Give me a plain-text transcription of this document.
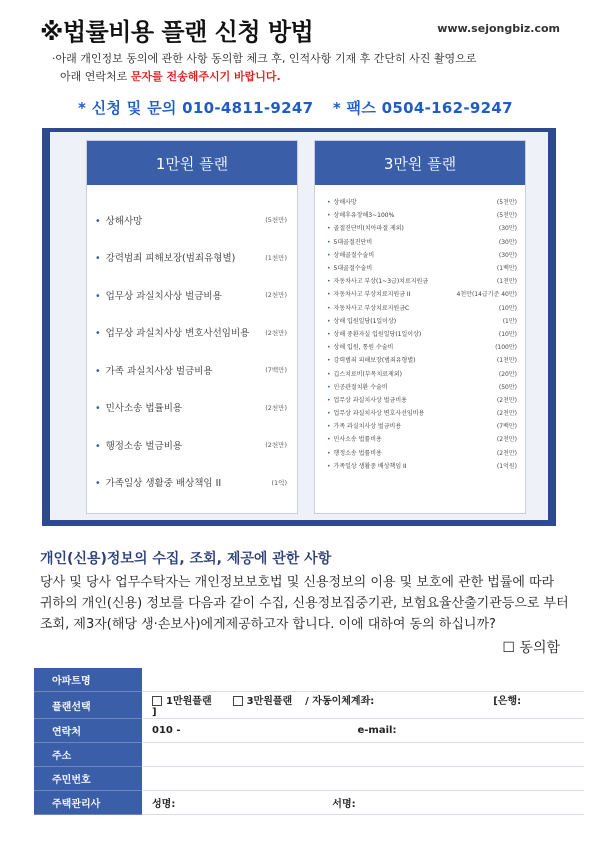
※법률비용 플랜 신청 방법	www.sejongbiz.com
·아래 개인정보 동의에 관한 사항 동의함 체크 후, 인적사항 기재 후 간단히 사진 촬영으로
아래 연락처로 문자를 전송해주시기 바랍니다.
* 신청 및 문의 010-4811-9247 * 팩스 0504-162-9247
1만원 플랜
• 상해사망	(5천만)
• 강력범죄 피해보장(범죄유형별)	(1천만)
• 업무상 과실치사상 벌금비용	(2천만)
• 업무상 과실치사상 변호사선임비용 (2천만)
• 가족 과실치사상 벌금비용	(7백만)
• 민사소송 법률비용	(2천만)
• 행정소송 벌금비용	(2천만)
• 가족일상 생활중 배상책임 II	(1억)
3만원 플랜
• 상해사망	(5천만)
• 상해후유장해3~100%	(5천만)
• 골절진단비(치아파절 제외)	(30만)
• 5대골절진단비	(30만)
• 상해골절수술비	(30만)
• 5대골절수술비	(1백만)
• 자동차사고 부상(1~3급)치료지원금	(1천만)
• 자동차사고 부상치료지원금 II	4천만(14급기준 40만)
• 자동차사고 부상치료지원금C	(10만)
• 상해 입원일당(1일이상)	(1만)
• 상해 중환자실 입원일당(1일이상)	(10만)
• 상해 입원, 통원 수술비	(100만)
• 강력범죄 피해보장(범죄유형별)	(1천만)
• 깁스치료비(부목치료제외)	(20만)
• 인공관절치환 수술비	(50만)
• 업무상 과실치사상 벌금비용	(2천만)
• 업무상 과실치사상 변호사선임비용	(2천만)
• 가족 과실치사상 벌금비용	(7백만)
• 민사소송 법률비용	(2천만)
• 행정소송 법률비용	(2천만)
• 가족일상 생활중 배상책임 II	(1억원)
개인(신용)정보의 수집, 조회, 제공에 관한 사항
당사 및 당사 업무수탁자는 개인정보보호법 및 신용정보의 이용 및 보호에 관한 법률에 따라 귀하의 개인(신용) 정보를 다음과 같이 수집, 신용정보집중기관, 보험요율산출기관등으로 부터 조회, 제3자(해당 생·손보사)에게제공하고자 합니다. 이에 대하여 동의 하십니까?
☐ 동의함
아파트명	
플랜선택	1만원플랜 3만원플랜 / 자동이체계좌: [은행:  ]
연락처	010 - e-mail:
주소	
주민번호	
주택관리사	성명: 서명:
